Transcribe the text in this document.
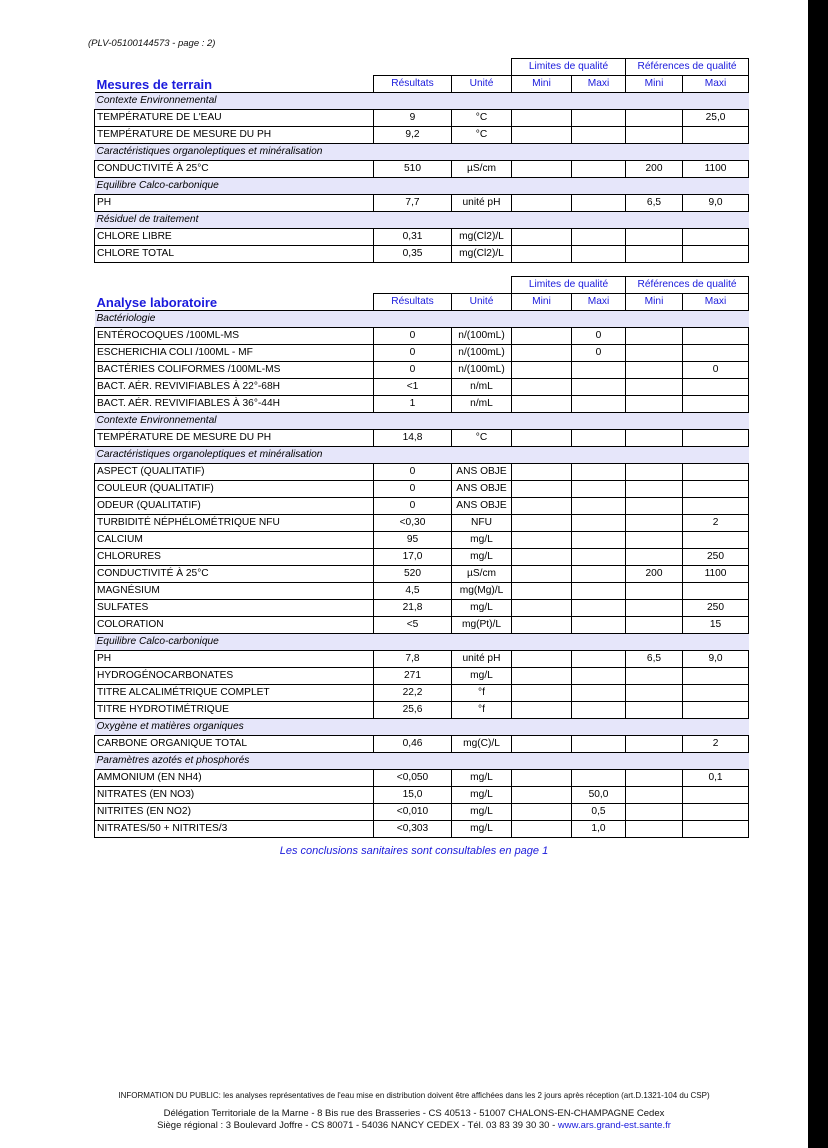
(PLV-05100144573 - page : 2)
			Limites de qualité		Références de qualité	
Mesures de terrain	Résultats	Unité	Mini	Maxi	Mini	Maxi
Contexte Environnemental						
TEMPÉRATURE DE L'EAU	9	°C				25,0
TEMPÉRATURE DE MESURE DU PH	9,2	°C				
Caractéristiques organoleptiques et minéralisation						
CONDUCTIVITÉ À 25°C	510	µS/cm			200	1100
Equilibre Calco-carbonique						
PH	7,7	unité pH			6,5	9,0
Résiduel de traitement						
CHLORE LIBRE	0,31	mg(Cl2)/L				
CHLORE TOTAL	0,35	mg(Cl2)/L				
			Limites de qualité		Références de qualité	
Analyse laboratoire	Résultats	Unité	Mini	Maxi	Mini	Maxi
Bactériologie						
ENTÉROCOQUES /100ML-MS	0	n/(100mL)		0		
ESCHERICHIA COLI /100ML - MF	0	n/(100mL)		0		
BACTÉRIES COLIFORMES /100ML-MS	0	n/(100mL)				0
BACT. AÉR. REVIVIFIABLES À 22°-68H	<1	n/mL				
BACT. AÉR. REVIVIFIABLES À 36°-44H	1	n/mL				
Contexte Environnemental						
TEMPÉRATURE DE MESURE DU PH	14,8	°C				
Caractéristiques organoleptiques et minéralisation						
ASPECT (QUALITATIF)	0	ANS OBJE				
COULEUR (QUALITATIF)	0	ANS OBJE				
ODEUR (QUALITATIF)	0	ANS OBJE				
TURBIDITÉ NÉPHÉLOMÉTRIQUE NFU	<0,30	NFU				2
CALCIUM	95	mg/L				
CHLORURES	17,0	mg/L				250
CONDUCTIVITÉ À 25°C	520	µS/cm			200	1100
MAGNÉSIUM	4,5	mg(Mg)/L				
SULFATES	21,8	mg/L				250
COLORATION	<5	mg(Pt)/L				15
Equilibre Calco-carbonique						
PH	7,8	unité pH			6,5	9,0
HYDROGÉNOCARBONATES	271	mg/L				
TITRE ALCALIMÉTRIQUE COMPLET	22,2	°f				
TITRE HYDROTIMÉTRIQUE	25,6	°f				
Oxygène et matières organiques						
CARBONE ORGANIQUE TOTAL	0,46	mg(C)/L				2
Paramètres azotés et phosphorés						
AMMONIUM (EN NH4)	<0,050	mg/L				0,1
NITRATES (EN NO3)	15,0	mg/L		50,0		
NITRITES (EN NO2)	<0,010	mg/L		0,5		
NITRATES/50 + NITRITES/3	<0,303	mg/L		1,0		
Les conclusions sanitaires sont consultables en page 1
INFORMATION DU PUBLIC: les analyses représentatives de l'eau mise en distribution doivent être affichées dans les 2 jours après réception (art.D.1321-104 du CSP)
Délégation Territoriale de la Marne - 8 Bis rue des Brasseries - CS 40513 - 51007 CHALONS-EN-CHAMPAGNE Cedex
Siège régional : 3 Boulevard Joffre - CS 80071 - 54036 NANCY CEDEX - Tél. 03 83 39 30 30 - www.ars.grand-est.sante.fr
